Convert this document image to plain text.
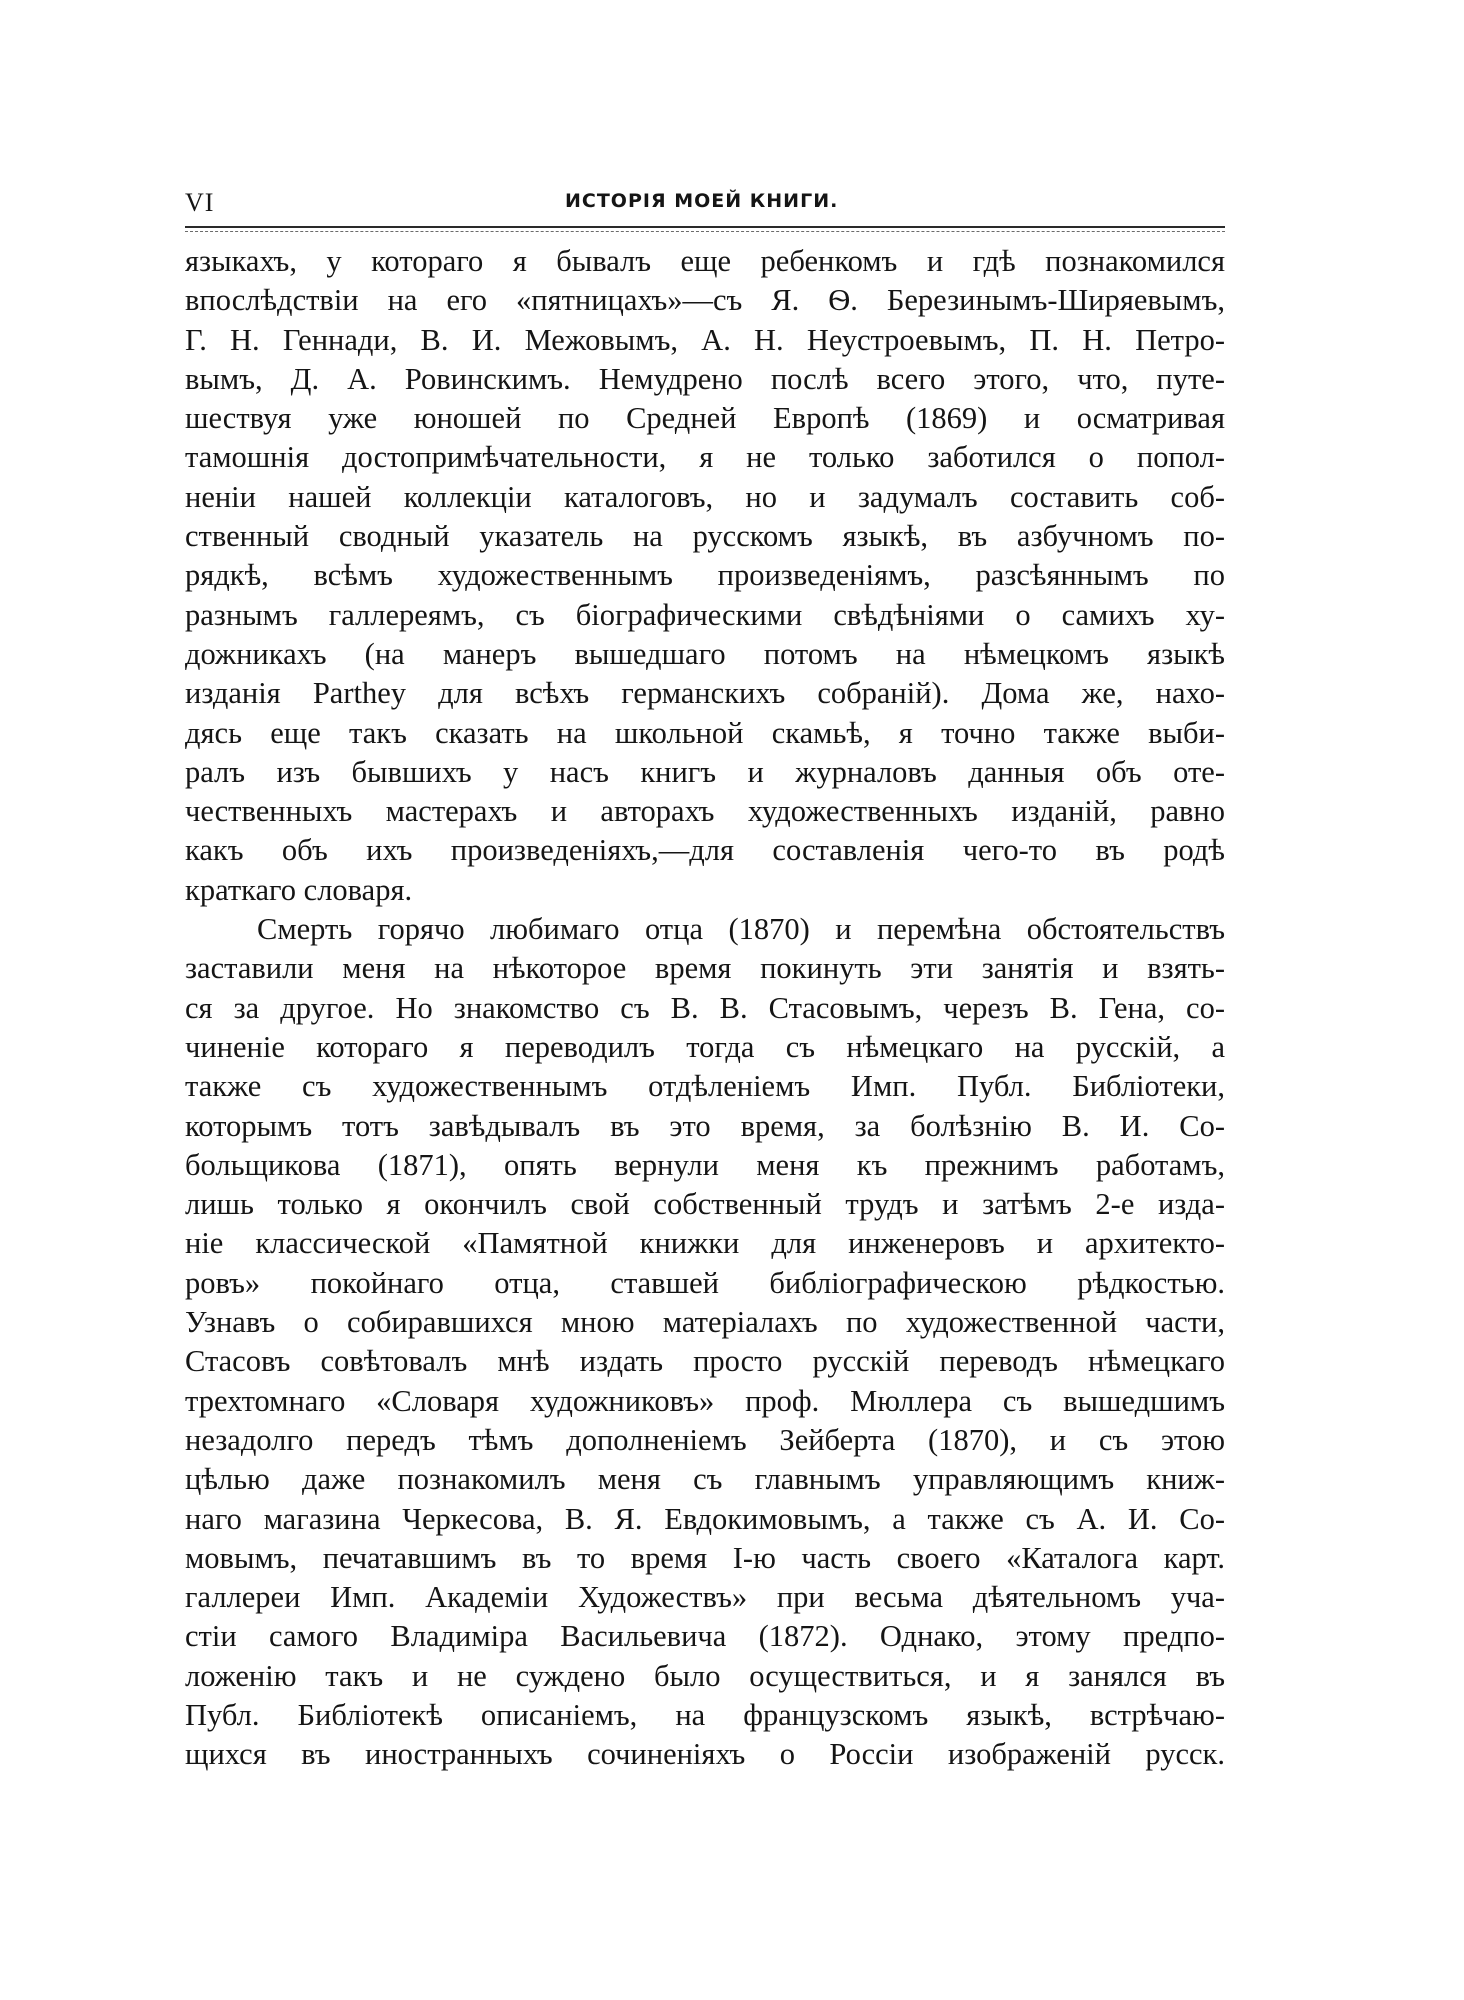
VI	ИСТОРІЯ МОЕЙ КНИГИ.
языкахъ, у котораго я бывалъ еще ребенкомъ и гдѣ познакомился
впослѣдствіи на его «пятницахъ»—съ Я. Ѳ. Березинымъ-Ширяевымъ,
Г. Н. Геннади, В. И. Межовымъ, А. Н. Неустроевымъ, П. Н. Петро-
вымъ, Д. А. Ровинскимъ. Немудрено послѣ всего этого, что, путе-
шествуя уже юношей по Средней Европѣ (1869) и осматривая
тамошнія достопримѣчательности, я не только заботился о попол-
неніи нашей коллекціи каталоговъ, но и задумалъ составить соб-
ственный сводный указатель на русскомъ языкѣ, въ азбучномъ по-
рядкѣ, всѣмъ художественнымъ произведеніямъ, разсѣяннымъ по
разнымъ галлереямъ, съ біографическими свѣдѣніями о самихъ ху-
дожникахъ (на манеръ вышедшаго потомъ на нѣмецкомъ языкѣ
изданія Parthey для всѣхъ германскихъ собраній). Дома же, нахо-
дясь еще такъ сказать на школьной скамьѣ, я точно также выби-
ралъ изъ бывшихъ у насъ книгъ и журналовъ данныя объ оте-
чественныхъ мастерахъ и авторахъ художественныхъ изданій, равно
какъ объ ихъ произведеніяхъ,—для составленія чего-то въ родѣ
краткаго словаря.
Смерть горячо любимаго отца (1870) и перемѣна обстоятельствъ
заставили меня на нѣкоторое время покинуть эти занятія и взять-
ся за другое. Но знакомство съ В. В. Стасовымъ, черезъ В. Гена, со-
чиненіе котораго я переводилъ тогда съ нѣмецкаго на русскій, а
также съ художественнымъ отдѣленіемъ Имп. Публ. Библіотеки,
которымъ тотъ завѣдывалъ въ это время, за болѣзнію В. И. Со-
больщикова (1871), опять вернули меня къ прежнимъ работамъ,
лишь только я окончилъ свой собственный трудъ и затѣмъ 2-е изда-
ніе классической «Памятной книжки для инженеровъ и архитекто-
ровъ» покойнаго отца, ставшей библіографическою рѣдкостью.
Узнавъ о собиравшихся мною матеріалахъ по художественной части,
Стасовъ совѣтовалъ мнѣ издать просто русскій переводъ нѣмецкаго
трехтомнаго «Словаря художниковъ» проф. Мюллера съ вышедшимъ
незадолго передъ тѣмъ дополненіемъ Зейберта (1870), и съ этою
цѣлью даже познакомилъ меня съ главнымъ управляющимъ книж-
наго магазина Черкесова, В. Я. Евдокимовымъ, а также съ А. И. Со-
мовымъ, печатавшимъ въ то время І-ю часть своего «Каталога карт.
галлереи Имп. Академіи Художествъ» при весьма дѣятельномъ уча-
стіи самого Владиміра Васильевича (1872). Однако, этому предпо-
ложенію такъ и не суждено было осуществиться, и я занялся въ
Публ. Библіотекѣ описаніемъ, на французскомъ языкѣ, встрѣчаю-
щихся въ иностранныхъ сочиненіяхъ о Россіи изображеній русск.
